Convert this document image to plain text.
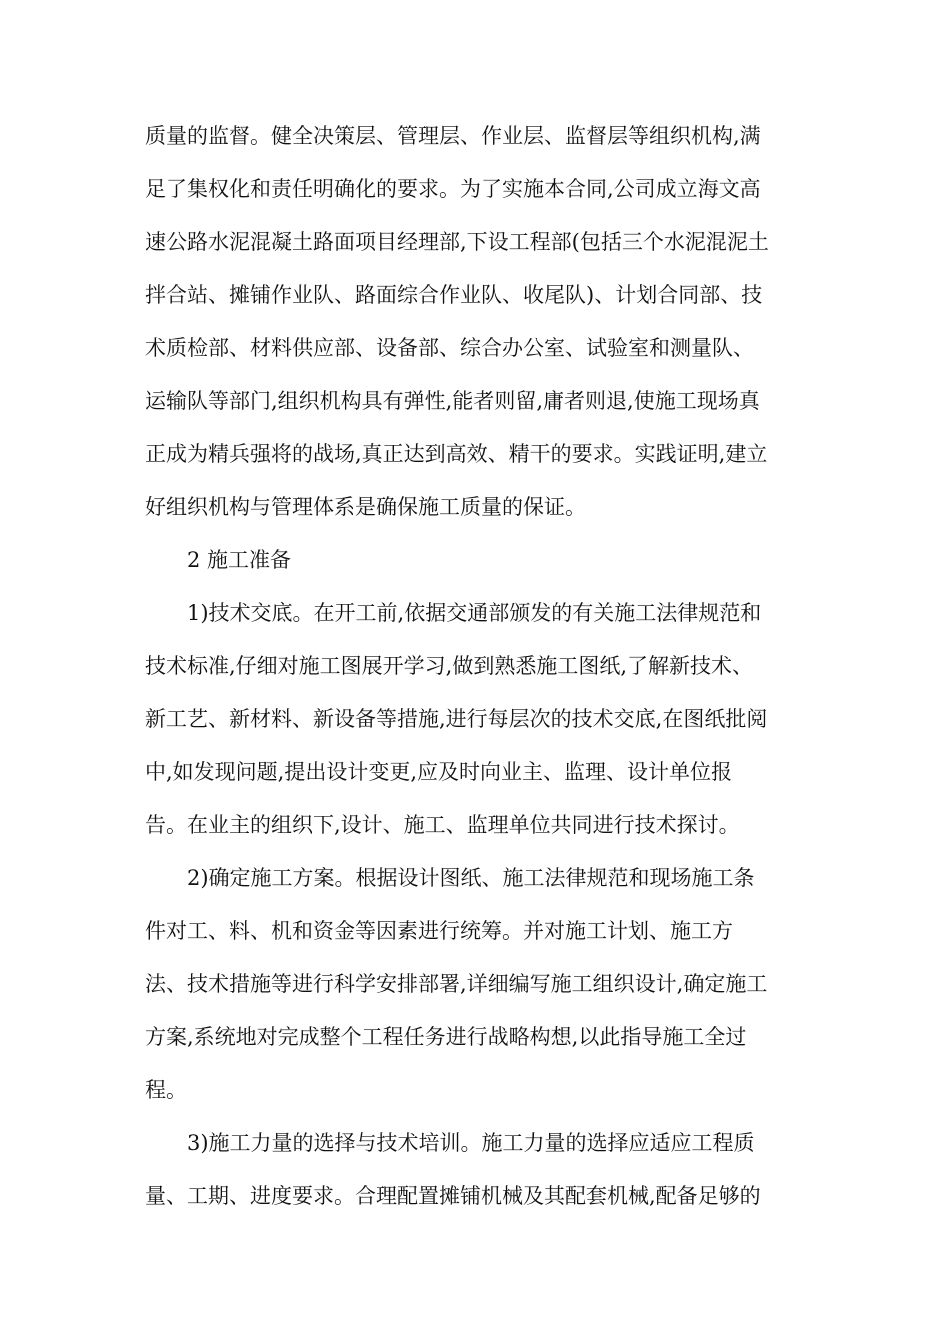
质量的监督。健全决策层、管理层、作业层、监督层等组织机构,满
足了集权化和责任明确化的要求。为了实施本合同,公司成立海文高
速公路水泥混凝土路面项目经理部,下设工程部(包括三个水泥混泥土
拌合站、摊铺作业队、路面综合作业队、收尾队)、计划合同部、技
术质检部、材料供应部、设备部、综合办公室、试验室和测量队、
运输队等部门,组织机构具有弹性,能者则留,庸者则退,使施工现场真
正成为精兵强将的战场,真正达到高效、精干的要求。实践证明,建立
好组织机构与管理体系是确保施工质量的保证。
2 施工准备
1)技术交底。在开工前,依据交通部颁发的有关施工法律规范和
技术标准,仔细对施工图展开学习,做到熟悉施工图纸,了解新技术、
新工艺、新材料、新设备等措施,进行每层次的技术交底,在图纸批阅
中,如发现问题,提出设计变更,应及时向业主、监理、设计单位报
告。在业主的组织下,设计、施工、监理单位共同进行技术探讨。
2)确定施工方案。根据设计图纸、施工法律规范和现场施工条
件对工、料、机和资金等因素进行统筹。并对施工计划、施工方
法、技术措施等进行科学安排部署,详细编写施工组织设计,确定施工
方案,系统地对完成整个工程任务进行战略构想,以此指导施工全过
程。
3)施工力量的选择与技术培训。施工力量的选择应适应工程质
量、工期、进度要求。合理配置摊铺机械及其配套机械,配备足够的
